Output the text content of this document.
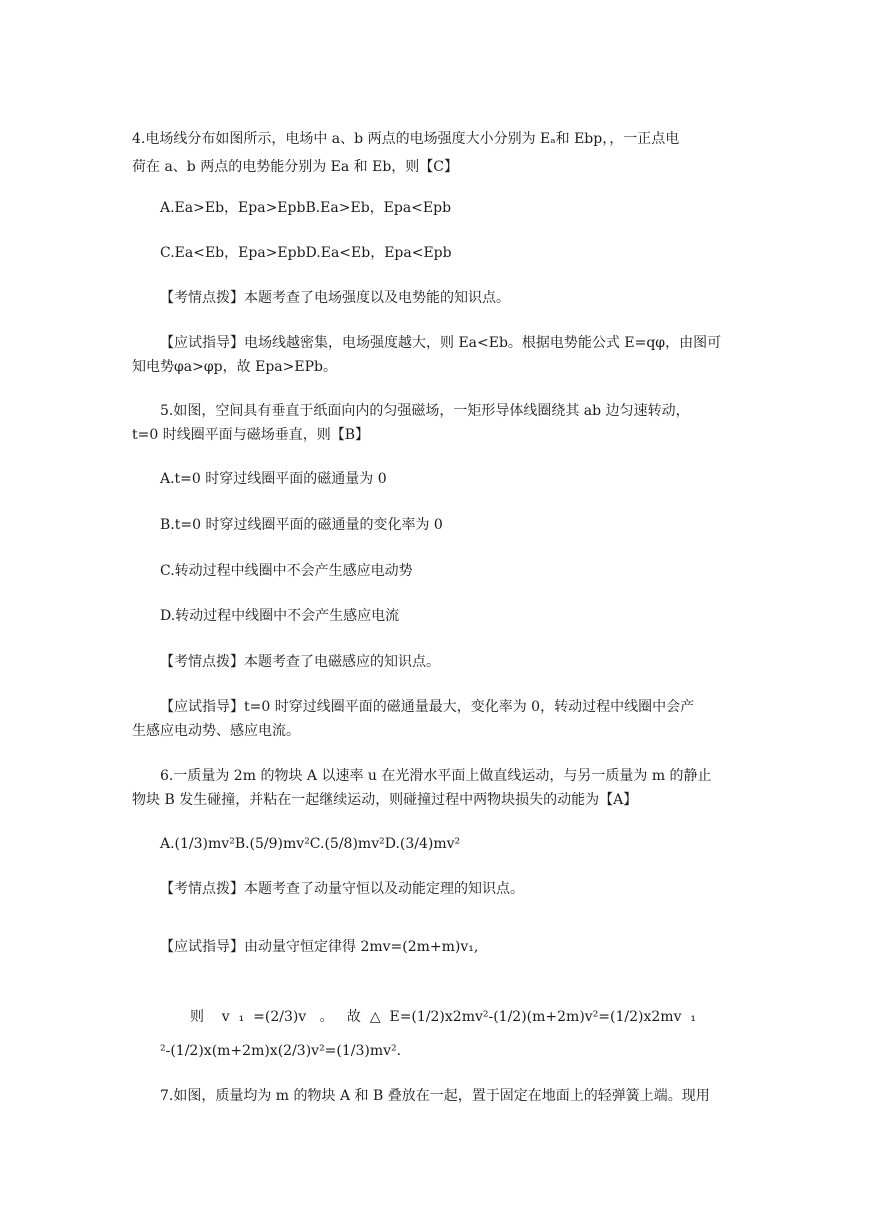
4.电场线分布如图所示，电场中 a、b 两点的电场强度大小分别为 Eₐ和 Ebp，，一正点电

荷在 a、b 两点的电势能分别为 Ea 和 Eb，则【C】

A.Ea>Eb，Epa>EpbB.Ea>Eb，Epa<Epb

C.Ea<Eb，Epa>EpbD.Ea<Eb，Epa<Epb

【考情点拨】本题考查了电场强度以及电势能的知识点。

【应试指导】电场线越密集，电场强度越大，则 Ea<Eb。根据电势能公式 E=qφ，由图可

知电势φa>φp，故 Epa>EPb。

5.如图，空间具有垂直于纸面向内的匀强磁场，一矩形导体线圈绕其 ab 边匀速转动，

t=0 时线圈平面与磁场垂直，则【B】

A.t=0 时穿过线圈平面的磁通量为 0

B.t=0 时穿过线圈平面的磁通量的变化率为 0

C.转动过程中线圈中不会产生感应电动势

D.转动过程中线圈中不会产生感应电流

【考情点拨】本题考查了电磁感应的知识点。

【应试指导】t=0 时穿过线圈平面的磁通量最大，变化率为 0，转动过程中线圈中会产

生感应电动势、感应电流。

6.一质量为 2m 的物块 A 以速率 u 在光滑水平面上做直线运动，与另一质量为 m 的静止

物块 B 发生碰撞，并粘在一起继续运动，则碰撞过程中两物块损失的动能为【A】

A.(1/3)mv²B.(5/9)mv²C.(5/8)mv²D.(3/4)mv²

【考情点拨】本题考查了动量守恒以及动能定理的知识点。

【应试指导】由动量守恒定律得 2mv=(2m+m)v₁,

则    v  ₁  =(2/3)v   。   故  △  E=(1/2)x2mv²-(1/2)(m+2m)v²=(1/2)x2mv  ₁

²-(1/2)x(m+2m)x(2/3)v²=(1/3)mv².

7.如图，质量均为 m 的物块 A 和 B 叠放在一起，置于固定在地面上的轻弹簧上端。现用
